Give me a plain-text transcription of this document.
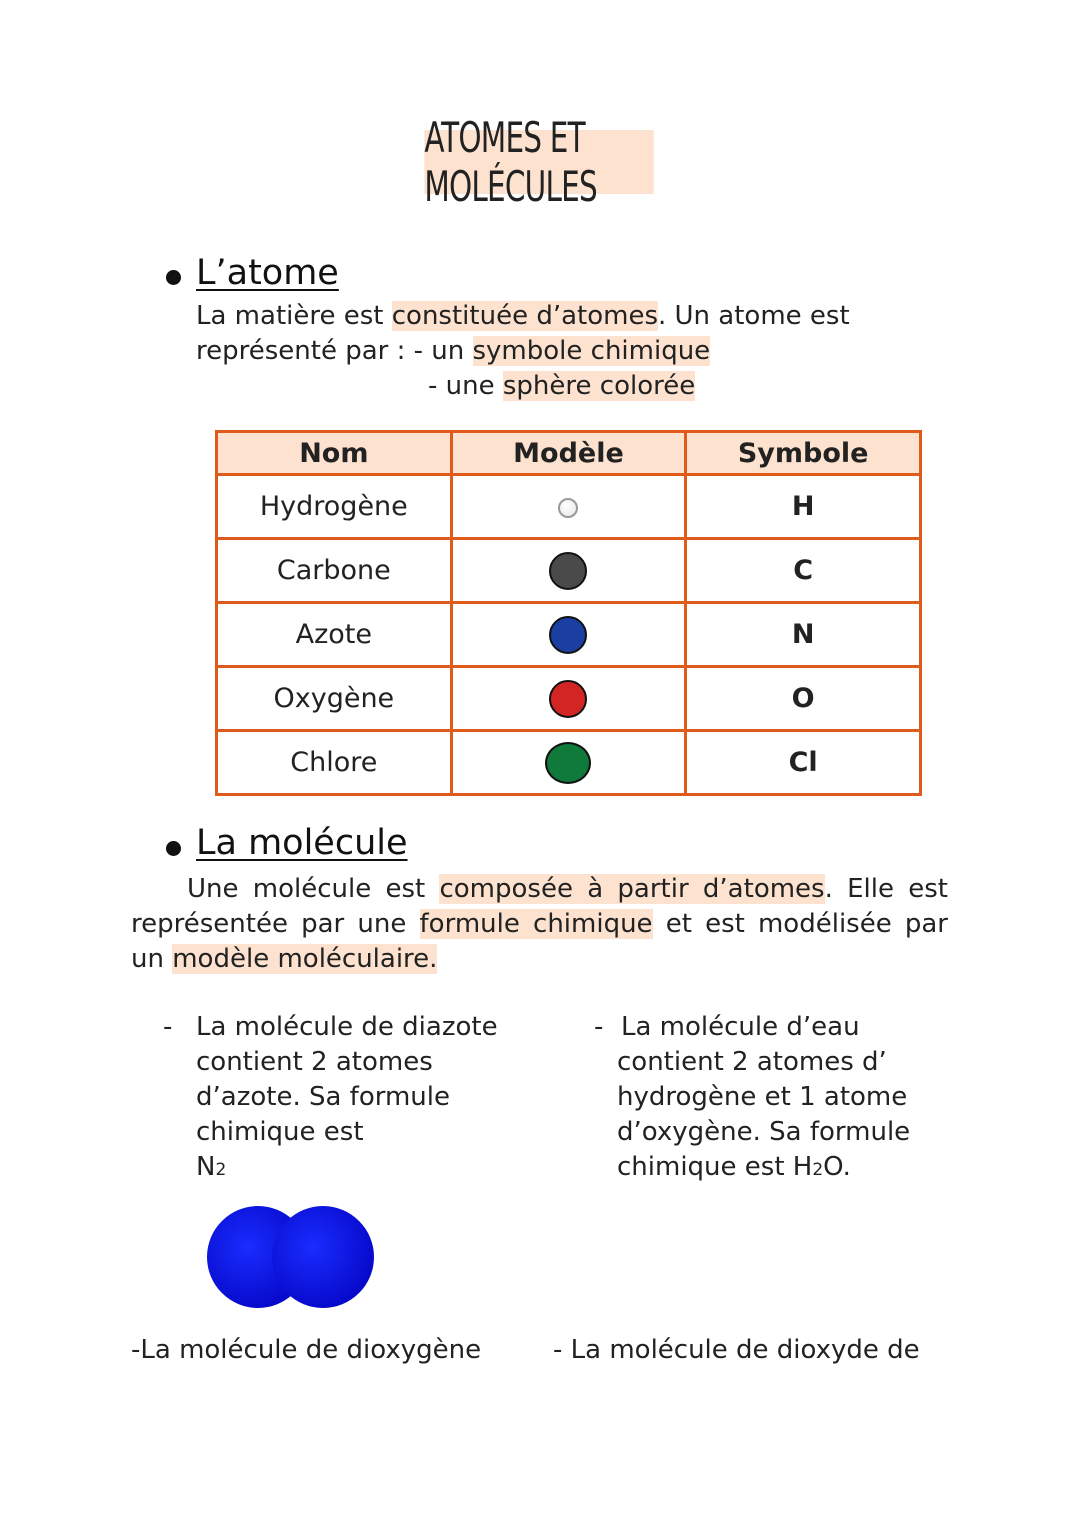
ATOMES ET MOLÉCULES
L’atome
La matière est constituée d’atomes. Un atome est
représenté par : - un symbole chimique
- une sphère colorée
Nom	Modèle	Symbole
Hydrogène		H
Carbone		C
Azote		N
Oxygène		O
Chlore		Cl
La molécule
Une molécule est composée à partir d’atomes. Elle est représentée par une formule chimique et est modélisée par un modèle moléculaire.
- La molécule de diazote
contient 2 atomes
d’azote. Sa formule
chimique est
N2
- La molécule d’eau
contient 2 atomes d’
hydrogène et 1 atome
d’oxygène. Sa formule
chimique est H2O.
-La molécule de dioxygène	- La molécule de dioxyde de
